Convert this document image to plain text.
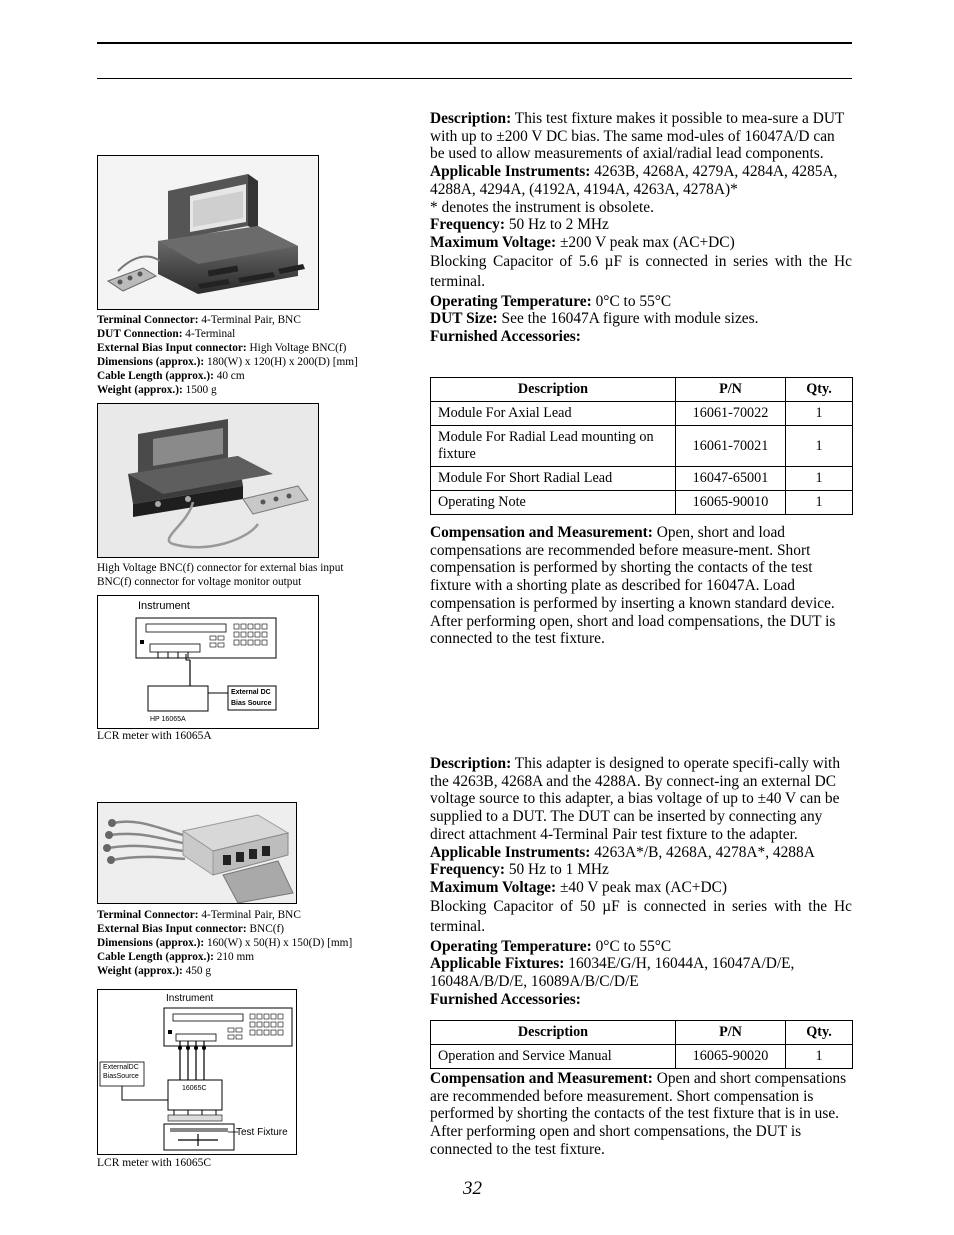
Terminal Connector: 4-Terminal Pair, BNC
DUT Connection: 4-Terminal
External Bias Input connector: High Voltage BNC(f)
Dimensions (approx.): 180(W) x 120(H) x 200(D) [mm]
Cable Length (approx.): 40 cm
Weight (approx.): 1500 g
High Voltage BNC(f) connector for external bias input
BNC(f) connector for voltage monitor output
Instrument
External DC
Bias Source
HP 16065A
LCR meter with 16065A

Description: This test fixture makes it possible to mea-sure a DUT with up to ±200 V DC bias. The same mod-ules of 16047A/D can be used to allow measurements of axial/radial lead components.

Applicable Instruments: 4263B, 4268A, 4279A, 4284A, 4285A, 4288A, 4294A, (4192A, 4194A, 4263A, 4278A)*

* denotes the instrument is obsolete.

Frequency: 50 Hz to 2 MHz

Maximum Voltage: ±200 V peak max (AC+DC)

Blocking Capacitor of 5.6 µF is connected in series with the Hc terminal.

Operating Temperature: 0°C to 55°C

DUT Size: See the 16047A figure with module sizes.

Furnished Accessories:

Description	P/N	Qty.
Module For Axial Lead	16061-70022	1
Module For Radial Lead mounting on fixture	16061-70021	1
Module For Short Radial Lead	16047-65001	1
Operating Note	16065-90010	1

Compensation and Measurement: Open, short and load compensations are recommended before measure-ment. Short compensation is performed by shorting the contacts of the test fixture with a shorting plate as described for 16047A. Load compensation is performed by inserting a known standard device. After performing open, short and load compensations, the DUT is connected to the test fixture.

Terminal Connector: 4-Terminal Pair, BNC
External Bias Input connector: BNC(f)
Dimensions (approx.): 160(W) x 50(H) x 150(D) [mm]
Cable Length (approx.): 210 mm
Weight (approx.): 450 g
Instrument
ExternalDC
BiasSource
16065C
Test Fixture
LCR meter with 16065C

Description: This adapter is designed to operate specifi-cally with the 4263B, 4268A and the 4288A. By connect-ing an external DC voltage source to this adapter, a bias voltage of up to ±40 V can be supplied to a DUT. The DUT can be inserted by connecting any direct attachment 4-Terminal Pair test fixture to the adapter.

Applicable Instruments: 4263A*/B, 4268A, 4278A*, 4288A

Frequency: 50 Hz to 1 MHz

Maximum Voltage: ±40 V peak max (AC+DC)

Blocking Capacitor of 50 µF is connected in series with the Hc terminal.

Operating Temperature: 0°C to 55°C

Applicable Fixtures: 16034E/G/H, 16044A, 16047A/D/E, 16048A/B/D/E, 16089A/B/C/D/E

Furnished Accessories:

Description	P/N	Qty.
Operation and Service Manual	16065-90020	1

Compensation and Measurement: Open and short compensations are recommended before measurement. Short compensation is performed by shorting the contacts of the test fixture that is in use. After performing open and short compensations, the DUT is connected to the test fixture.

32
